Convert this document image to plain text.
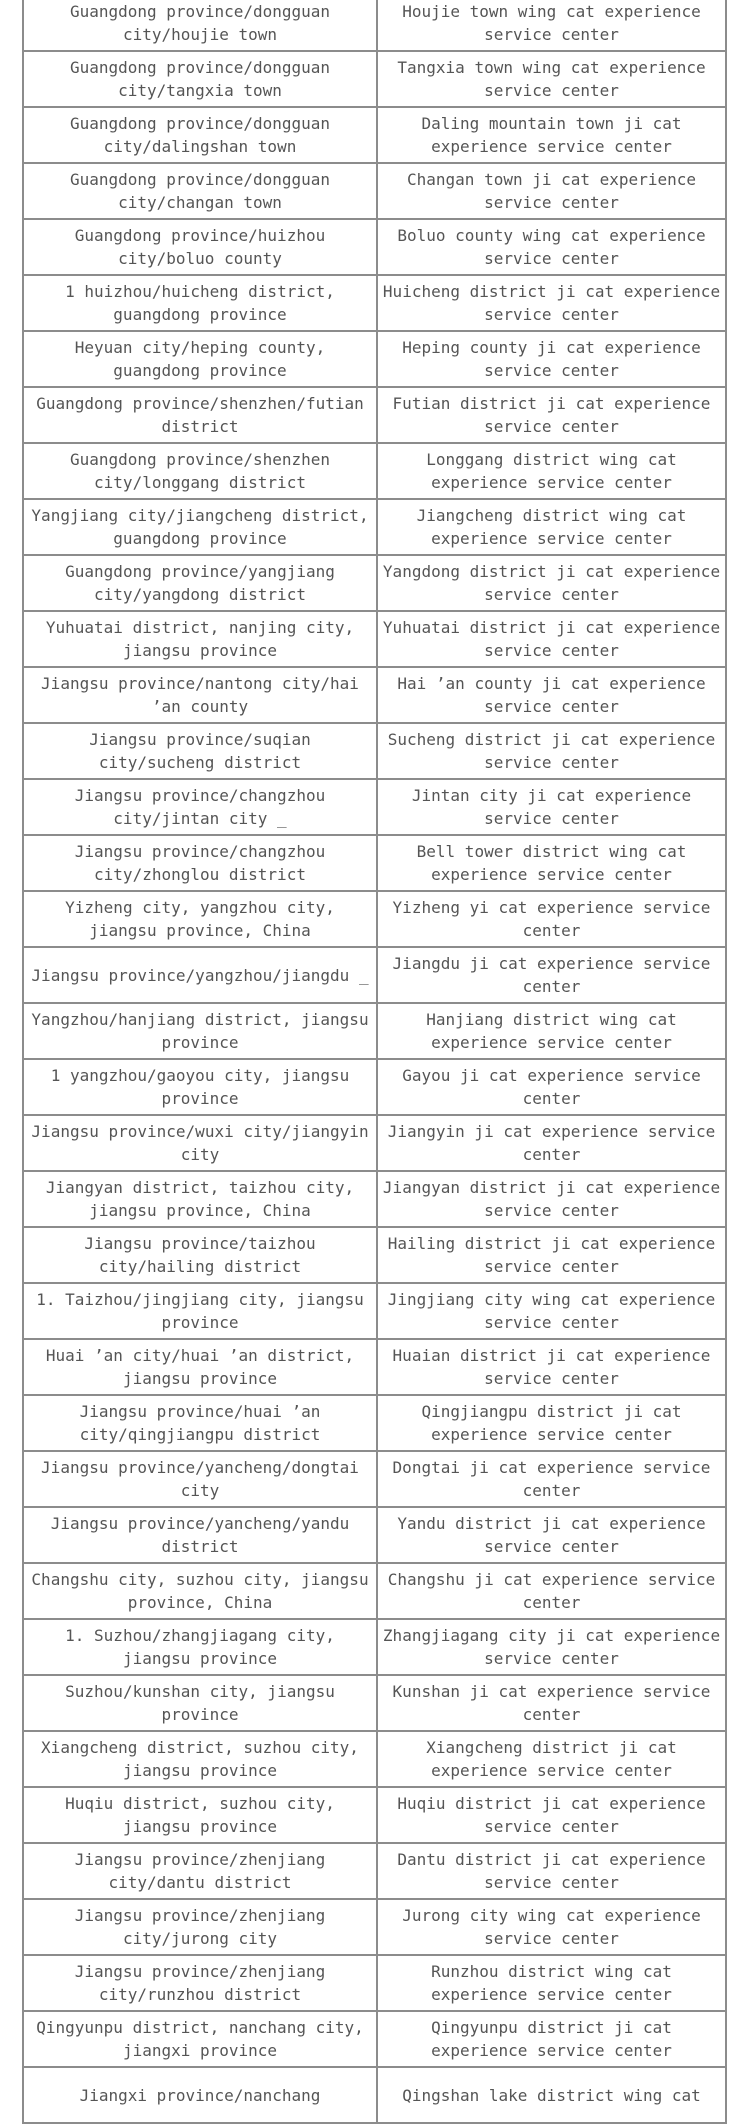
Guangdong province/dongguan city/houjie town	Houjie town wing cat experience service center
Guangdong province/dongguan city/tangxia town	Tangxia town wing cat experience service center
Guangdong province/dongguan city/dalingshan town	Daling mountain town ji cat experience service center
Guangdong province/dongguan city/changan town	Changan town ji cat experience service center
Guangdong province/huizhou city/boluo county	Boluo county wing cat experience service center
1 huizhou/huicheng district, guangdong province	Huicheng district ji cat experience service center
Heyuan city/heping county, guangdong province	Heping county ji cat experience service center
Guangdong province/shenzhen/futian district	Futian district ji cat experience service center
Guangdong province/shenzhen city/longgang district	Longgang district wing cat experience service center
Yangjiang city/jiangcheng district, guangdong province	Jiangcheng district wing cat experience service center
Guangdong province/yangjiang city/yangdong district	Yangdong district ji cat experience service center
Yuhuatai district, nanjing city, jiangsu province	Yuhuatai district ji cat experience service center
Jiangsu province/nantong city/hai ’an county	Hai ’an county ji cat experience service center
Jiangsu province/suqian city/sucheng district	Sucheng district ji cat experience service center
Jiangsu province/changzhou city/jintan city _	Jintan city ji cat experience service center
Jiangsu province/changzhou city/zhonglou district	Bell tower district wing cat experience service center
Yizheng city, yangzhou city, jiangsu province, China	Yizheng yi cat experience service center
Jiangsu province/yangzhou/jiangdu _	Jiangdu ji cat experience service center
Yangzhou/hanjiang district, jiangsu province	Hanjiang district wing cat experience service center
1 yangzhou/gaoyou city, jiangsu province	Gayou ji cat experience service center
Jiangsu province/wuxi city/jiangyin city	Jiangyin ji cat experience service center
Jiangyan district, taizhou city, jiangsu province, China	Jiangyan district ji cat experience service center
Jiangsu province/taizhou city/hailing district	Hailing district ji cat experience service center
1. Taizhou/jingjiang city, jiangsu province	Jingjiang city wing cat experience service center
Huai ’an city/huai ’an district, jiangsu province	Huaian district ji cat experience service center
Jiangsu province/huai ’an city/qingjiangpu district	Qingjiangpu district ji cat experience service center
Jiangsu province/yancheng/dongtai city	Dongtai ji cat experience service center
Jiangsu province/yancheng/yandu district	Yandu district ji cat experience service center
Changshu city, suzhou city, jiangsu province, China	Changshu ji cat experience service center
1. Suzhou/zhangjiagang city, jiangsu province	Zhangjiagang city ji cat experience service center
Suzhou/kunshan city, jiangsu province	Kunshan ji cat experience service center
Xiangcheng district, suzhou city, jiangsu province	Xiangcheng district ji cat experience service center
Huqiu district, suzhou city, jiangsu province	Huqiu district ji cat experience service center
Jiangsu province/zhenjiang city/dantu district	Dantu district ji cat experience service center
Jiangsu province/zhenjiang city/jurong city	Jurong city wing cat experience service center
Jiangsu province/zhenjiang city/runzhou district	Runzhou district wing cat experience service center
Qingyunpu district, nanchang city, jiangxi province	Qingyunpu district ji cat experience service center
Jiangxi province/nanchang	Qingshan lake district wing cat
